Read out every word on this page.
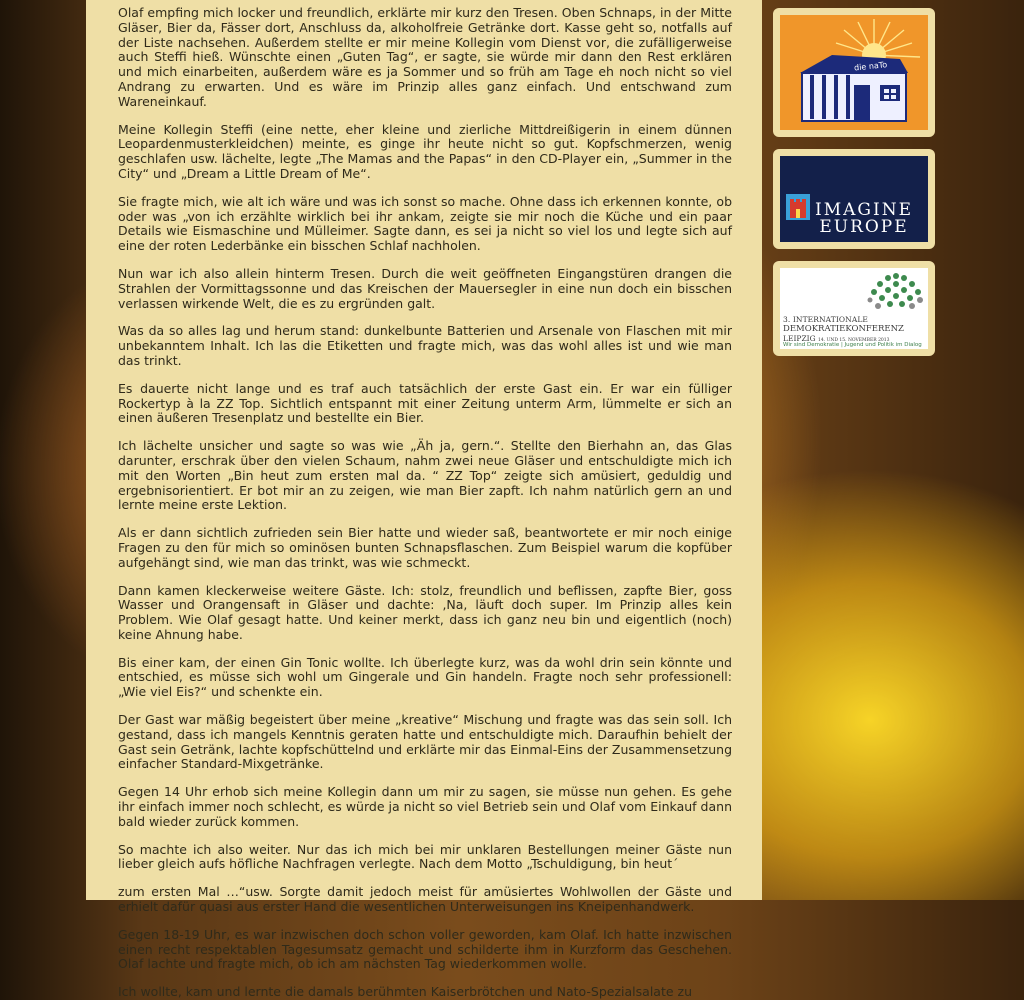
Olaf empfing mich locker und freundlich, erklärte mir kurz den Tresen. Oben Schnaps, in der Mitte Gläser, Bier da, Fässer dort, Anschluss da, alkoholfreie Getränke dort. Kasse geht so, notfalls auf der Liste nachsehen. Außerdem stellte er mir meine Kollegin vom Dienst vor, die zufälligerweise auch Steffi hieß. Wünschte einen „Guten Tag“, er sagte, sie würde mir dann den Rest erklären und mich einarbeiten, außerdem wäre es ja Sommer und so früh am Tage eh noch nicht so viel Andrang zu erwarten. Und es wäre im Prinzip alles ganz einfach. Und entschwand zum Wareneinkauf.

Meine Kollegin Steffi (eine nette, eher kleine und zierliche Mittdreißigerin in einem dünnen Leopardenmusterkleidchen) meinte, es ginge ihr heute nicht so gut. Kopfschmerzen, wenig geschlafen usw. lächelte, legte „The Mamas and the Papas“ in den CD-Player ein, „Summer in the City“ und „Dream a Little Dream of Me“.

Sie fragte mich, wie alt ich wäre und was ich sonst so mache. Ohne dass ich erkennen konnte, ob oder was „von ich erzählte wirklich bei ihr ankam, zeigte sie mir noch die Küche und ein paar Details wie Eismaschine und Mülleimer. Sagte dann, es sei ja nicht so viel los und legte sich auf eine der roten Lederbänke ein bisschen Schlaf nachholen.

Nun war ich also allein hinterm Tresen. Durch die weit geöffneten Eingangstüren drangen die Strahlen der Vormittagssonne und das Kreischen der Mauersegler in eine nun doch ein bisschen verlassen wirkende Welt, die es zu ergründen galt.

Was da so alles lag und herum stand: dunkelbunte Batterien und Arsenale von Flaschen mit mir unbekanntem Inhalt. Ich las die Etiketten und fragte mich, was das wohl alles ist und wie man das trinkt.

Es dauerte nicht lange und es traf auch tatsächlich der erste Gast ein. Er war ein fülliger Rockertyp à la ZZ Top. Sichtlich entspannt mit einer Zeitung unterm Arm, lümmelte er sich an einen äußeren Tresenplatz und bestellte ein Bier.

Ich lächelte unsicher und sagte so was wie „Äh ja, gern.“. Stellte den Bierhahn an, das Glas darunter, erschrak über den vielen Schaum, nahm zwei neue Gläser und entschuldigte mich ich mit den Worten „Bin heut zum ersten mal da. “ ZZ Top“ zeigte sich amüsiert, geduldig und ergebnisorientiert. Er bot mir an zu zeigen, wie man Bier zapft. Ich nahm natürlich gern an und lernte meine erste Lektion.

Als er dann sichtlich zufrieden sein Bier hatte und wieder saß, beantwortete er mir noch einige Fragen zu den für mich so ominösen bunten Schnapsflaschen. Zum Beispiel warum die kopfüber aufgehängt sind, wie man das trinkt, was wie schmeckt.

Dann kamen kleckerweise weitere Gäste. Ich: stolz, freundlich und beflissen, zapfte Bier, goss Wasser und Orangensaft in Gläser und dachte: ‚Na, läuft doch super. Im Prinzip alles kein Problem. Wie Olaf gesagt hatte. Und keiner merkt, dass ich ganz neu bin und eigentlich (noch) keine Ahnung habe.

Bis einer kam, der einen Gin Tonic wollte. Ich überlegte kurz, was da wohl drin sein könnte und entschied, es müsse sich wohl um Gingerale und Gin handeln. Fragte noch sehr professionell: „Wie viel Eis?“ und schenkte ein.

Der Gast war mäßig begeistert über meine „kreative“ Mischung und fragte was das sein soll. Ich gestand, dass ich mangels Kenntnis geraten hatte und entschuldigte mich. Daraufhin behielt der Gast sein Getränk, lachte kopfschüttelnd und erklärte mir das Einmal-Eins der Zusammensetzung einfacher Standard-Mixgetränke.

Gegen 14 Uhr erhob sich meine Kollegin dann um mir zu sagen, sie müsse nun gehen. Es gehe ihr einfach immer noch schlecht, es würde ja nicht so viel Betrieb sein und Olaf vom Einkauf dann bald wieder zurück kommen.

So machte ich also weiter. Nur das ich mich bei mir unklaren Bestellungen meiner Gäste nun lieber gleich aufs höfliche Nachfragen verlegte. Nach dem Motto „Tschuldigung, bin heut´

zum ersten Mal …“usw. Sorgte damit jedoch meist für amüsiertes Wohlwollen der Gäste und erhielt dafür quasi aus erster Hand die wesentlichen Unterweisungen ins Kneipenhandwerk.

Gegen 18-19 Uhr, es war inzwischen doch schon voller geworden, kam Olaf. Ich hatte inzwischen einen recht respektablen Tagesumsatz gemacht und schilderte ihm in Kurzform das Geschehen. Olaf lachte und fragte mich, ob ich am nächsten Tag wiederkommen wolle.

Ich wollte, kam und lernte die damals berühmten Kaiserbrötchen und Nato-Spezialsalate zu

die naTo
IMAGINE EUROPE
3. INTERNATIONALE
DEMOKRATIEKONFERENZ
LEIPZIG 14. UND 15. NOVEMBER 2013
Wir sind Demokratie | Jugend und Politik im Dialog
